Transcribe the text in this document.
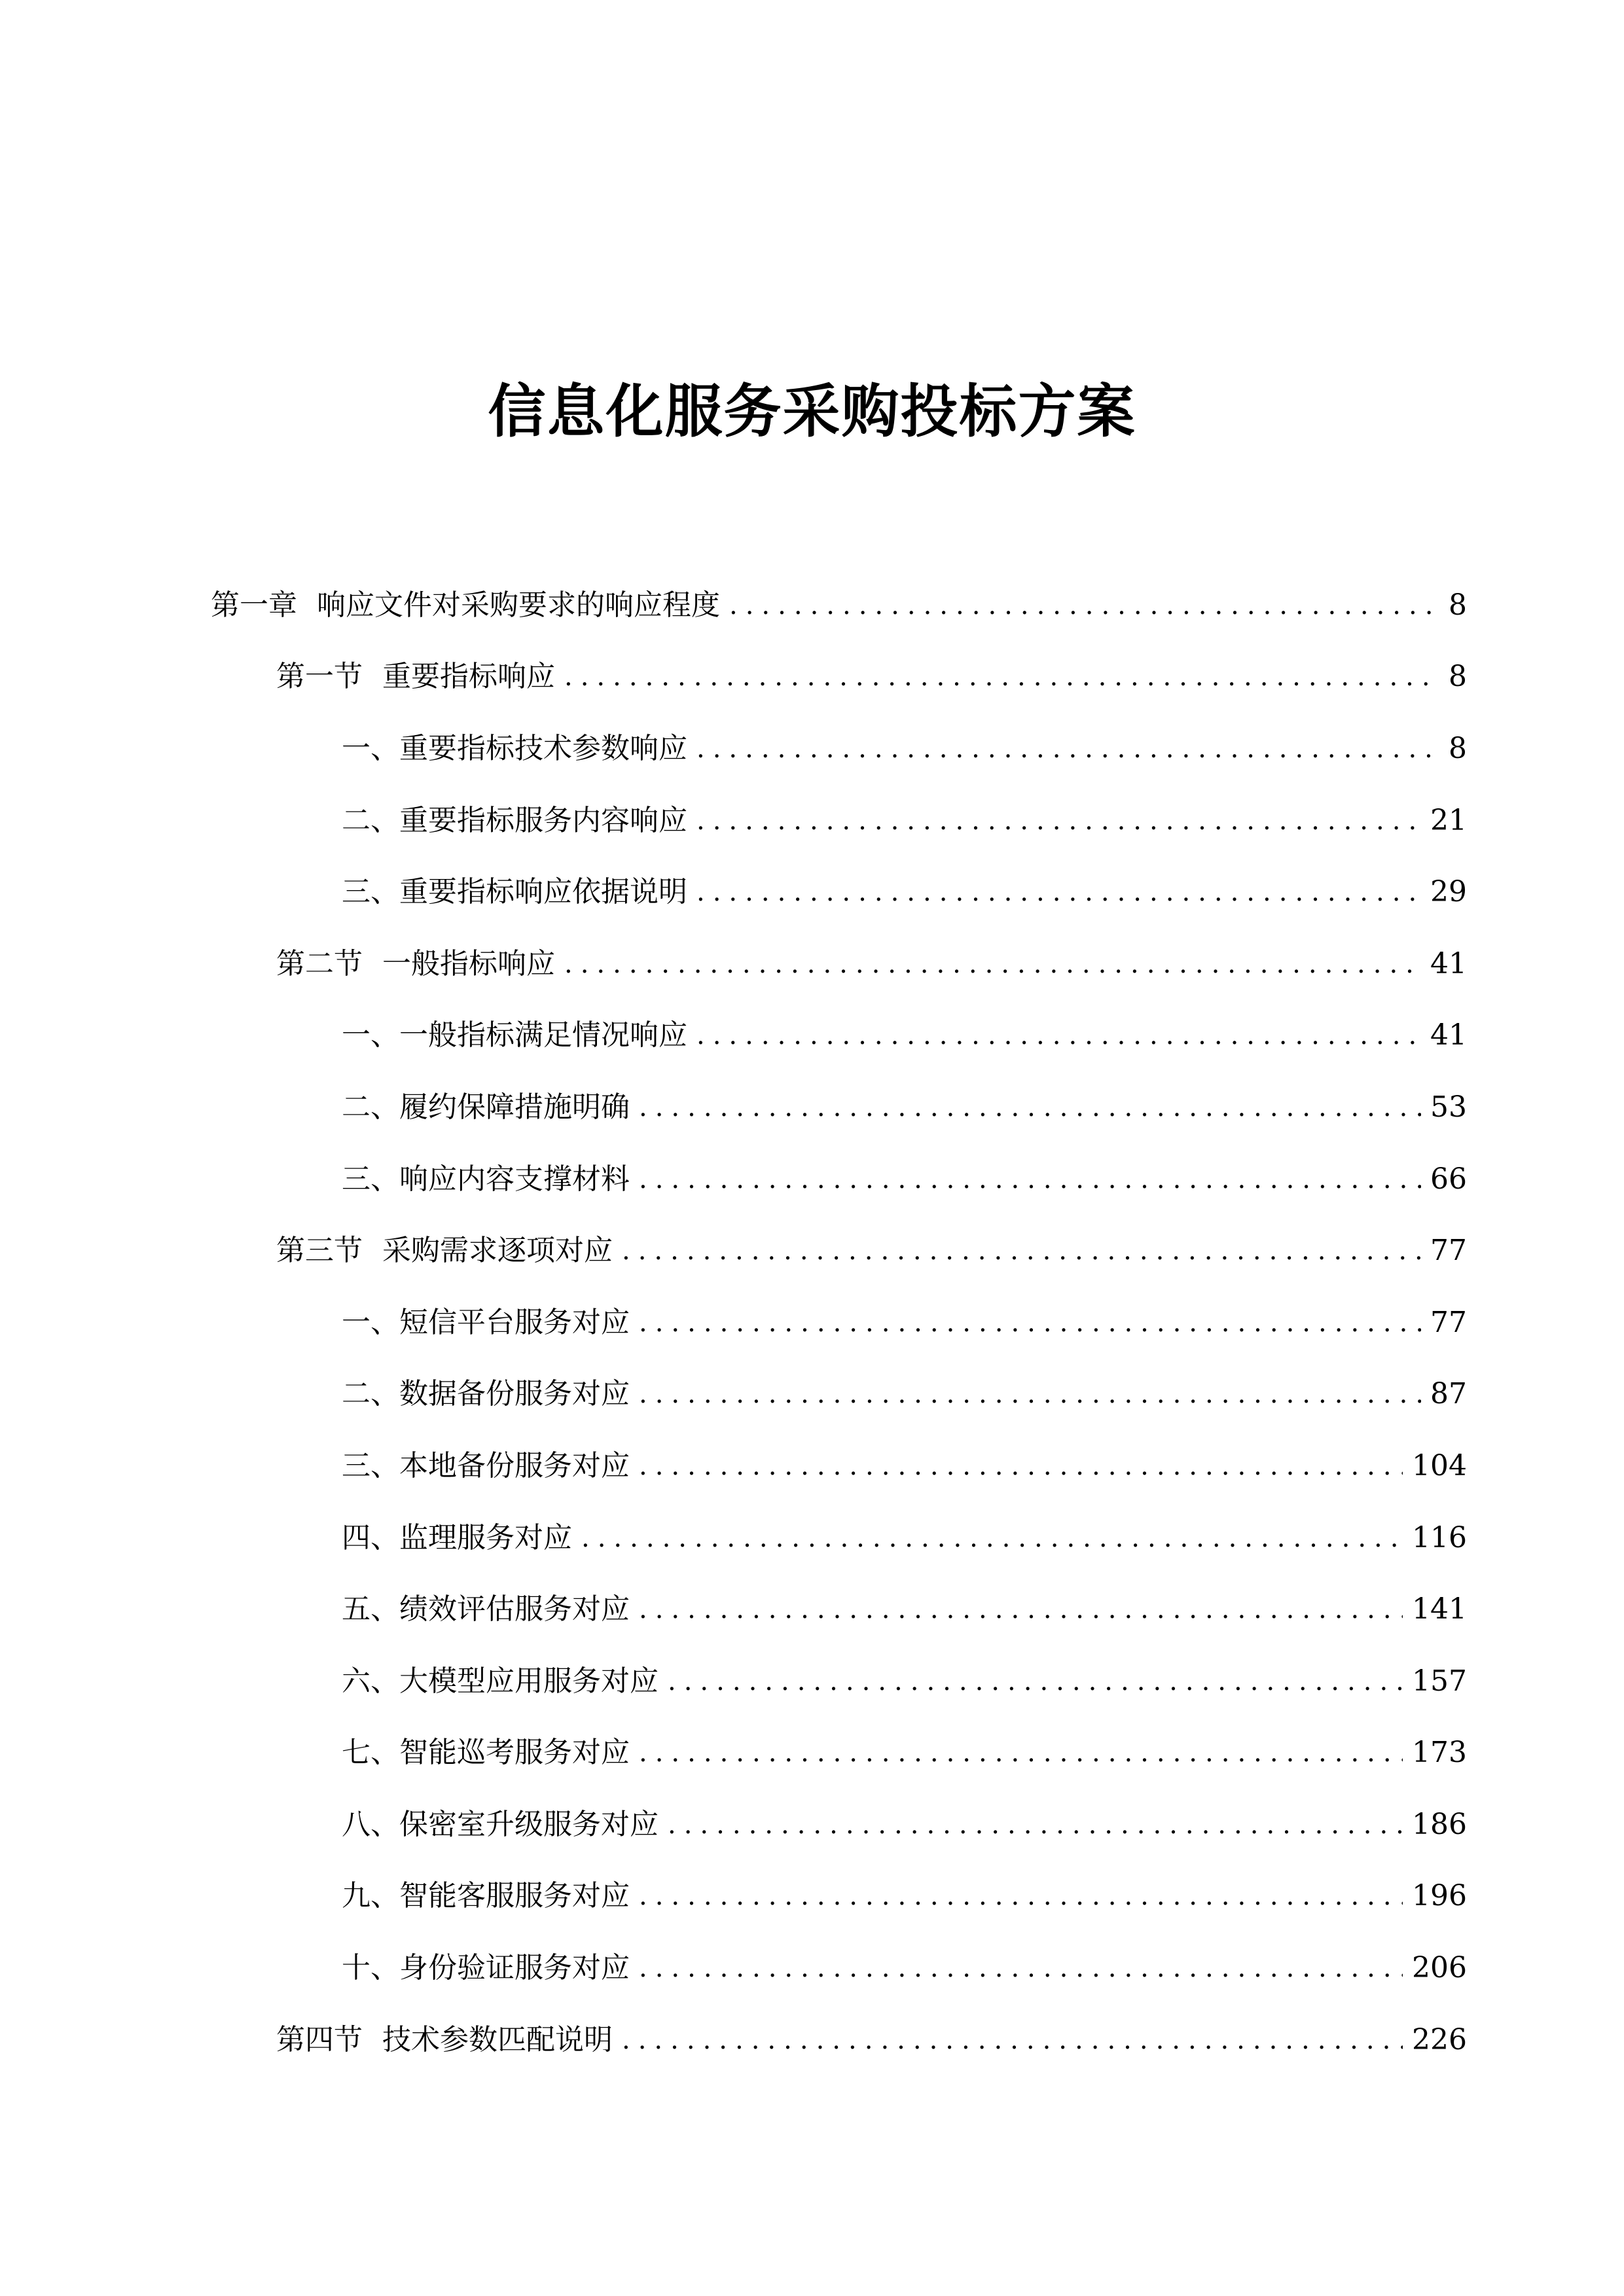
信息化服务采购投标方案
第一章 响应文件对采购要求的响应程度 .....	8
第一节 重要指标响应 .....	8
一、 重要指标技术参数响应 .....	8
二、 重要指标服务内容响应 .....	21
三、 重要指标响应依据说明 .....	29
第二节 一般指标响应 .....	41
一、 一般指标满足情况响应 .....	41
二、 履约保障措施明确 .....	53
三、 响应内容支撑材料 .....	66
第三节 采购需求逐项对应 .....	77
一、 短信平台服务对应 .....	77
二、 数据备份服务对应 .....	87
三、 本地备份服务对应 .....	104
四、 监理服务对应 .....	116
五、 绩效评估服务对应 .....	141
六、 大模型应用服务对应 .....	157
七、 智能巡考服务对应 .....	173
八、 保密室升级服务对应 .....	186
九、 智能客服服务对应 .....	196
十、 身份验证服务对应 .....	206
第四节 技术参数匹配说明 .....	226
